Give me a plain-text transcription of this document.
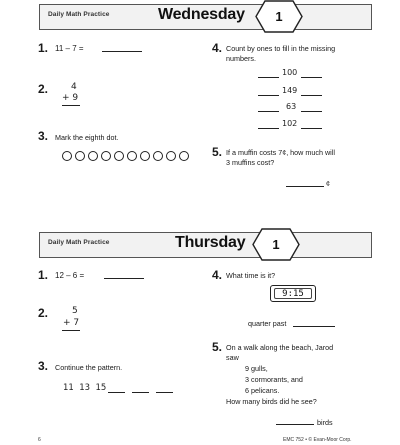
Daily Math Practice	Wednesday	1
1. 11 – 7 =
2.	4
+ 9
3. Mark the eighth dot.
4. Count by ones to fill in the missing
numbers.
100
149
63
102
5. If a muffin costs 7¢, how much will
3 muffins cost?
¢
Daily Math Practice	Thursday	1
1. 12 – 6 =
2.	5
+ 7
3. Continue the pattern.
11  13  15
4. What time is it?
9:15
quarter past
5. On a walk along the beach, Jarod
saw
9 gulls,
3 cormorants, and
6 pelicans.
How many birds did he see?
birds
6	EMC 752 • © Evan-Moor Corp.
